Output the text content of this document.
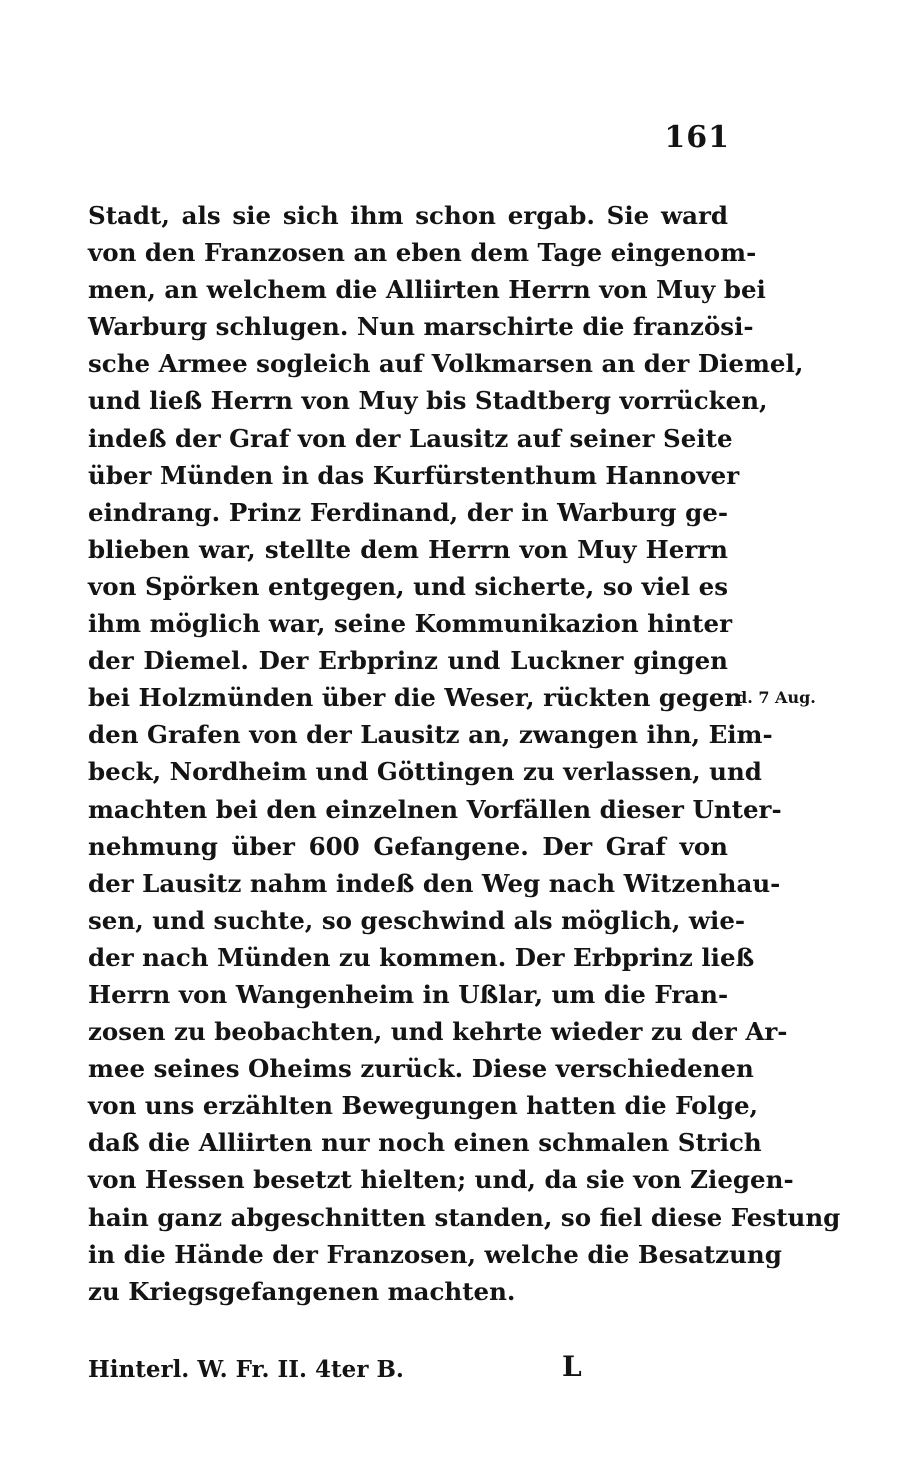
161
Stadt, als sie sich ihm schon ergab. Sie ward
von den Franzosen an eben dem Tage eingenom-
men, an welchem die Alliirten Herrn von Muy bei
Warburg schlugen. Nun marschirte die französi-
sche Armee sogleich auf Volkmarsen an der Diemel,
und ließ Herrn von Muy bis Stadtberg vorrücken,
indeß der Graf von der Lausitz auf seiner Seite
über Münden in das Kurfürstenthum Hannover
eindrang. Prinz Ferdinand, der in Warburg ge-
blieben war, stellte dem Herrn von Muy Herrn
von Spörken entgegen, und sicherte, so viel es
ihm möglich war, seine Kommunikazion hinter
der Diemel. Der Erbprinz und Luckner gingen
bei Holzmünden über die Weser, rückten gegen
den Grafen von der Lausitz an, zwangen ihn, Eim-
beck, Nordheim und Göttingen zu verlassen, und
machten bei den einzelnen Vorfällen dieser Unter-
nehmung über 600 Gefangene. Der Graf von
der Lausitz nahm indeß den Weg nach Witzenhau-
sen, und suchte, so geschwind als möglich, wie-
der nach Münden zu kommen. Der Erbprinz ließ
Herrn von Wangenheim in Ußlar, um die Fran-
zosen zu beobachten, und kehrte wieder zu der Ar-
mee seines Oheims zurück. Diese verschiedenen
von uns erzählten Bewegungen hatten die Folge,
daß die Alliirten nur noch einen schmalen Strich
von Hessen besetzt hielten; und, da sie von Ziegen-
hain ganz abgeschnitten standen, so fiel diese Festung
in die Hände der Franzosen, welche die Besatzung
zu Kriegsgefangenen machten.
d. 7 Aug.
Hinterl. W. Fr. II. 4ter B.	L
